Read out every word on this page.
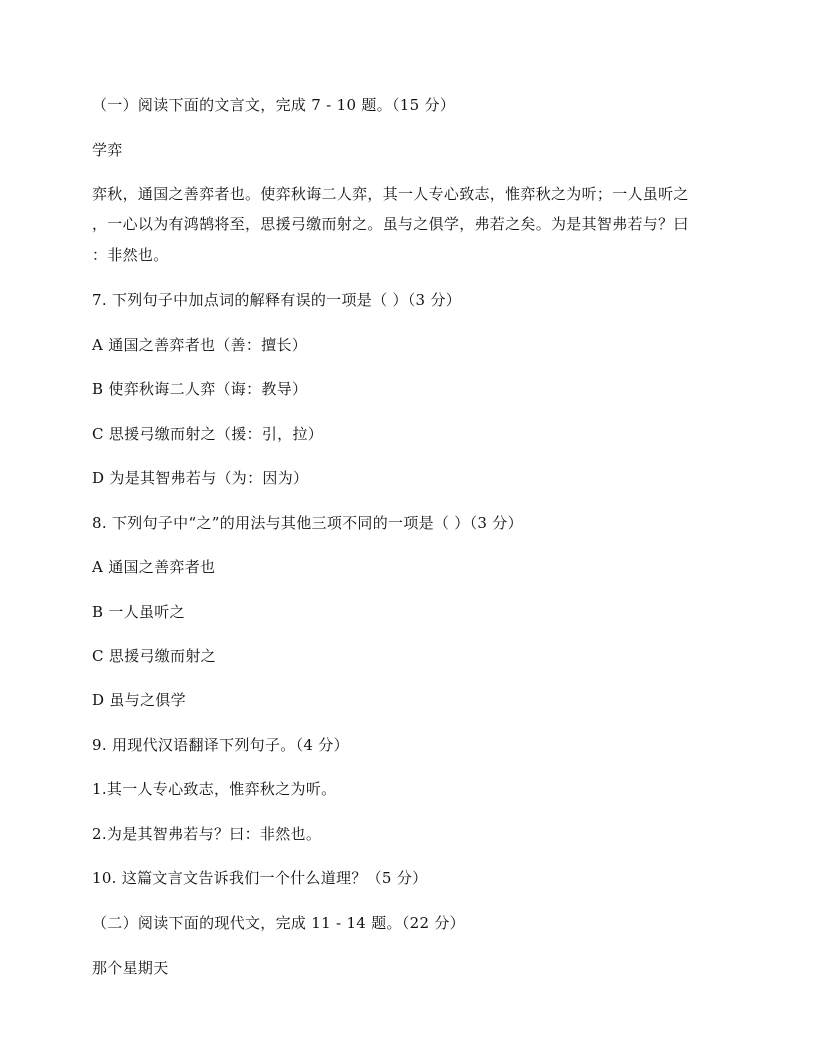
（一）阅读下面的文言文，完成 7 - 10 题。（15 分）
学弈
弈秋，通国之善弈者也。使弈秋诲二人弈，其一人专心致志，惟弈秋之为听；一人虽听之
，一心以为有鸿鹄将至，思援弓缴而射之。虽与之俱学，弗若之矣。为是其智弗若与？曰
：非然也。
7. 下列句子中加点词的解释有误的一项是（ ）（3 分）
A 通国之善弈者也（善：擅长）
B 使弈秋诲二人弈（诲：教导）
C 思援弓缴而射之（援：引，拉）
D 为是其智弗若与（为：因为）
8. 下列句子中“之”的用法与其他三项不同的一项是（ ）（3 分）
A 通国之善弈者也
B 一人虽听之
C 思援弓缴而射之
D 虽与之俱学
9. 用现代汉语翻译下列句子。（4 分）
1.其一人专心致志，惟弈秋之为听。
2.为是其智弗若与？曰：非然也。
10. 这篇文言文告诉我们一个什么道理？（5 分）
（二）阅读下面的现代文，完成 11 - 14 题。（22 分）
那个星期天
